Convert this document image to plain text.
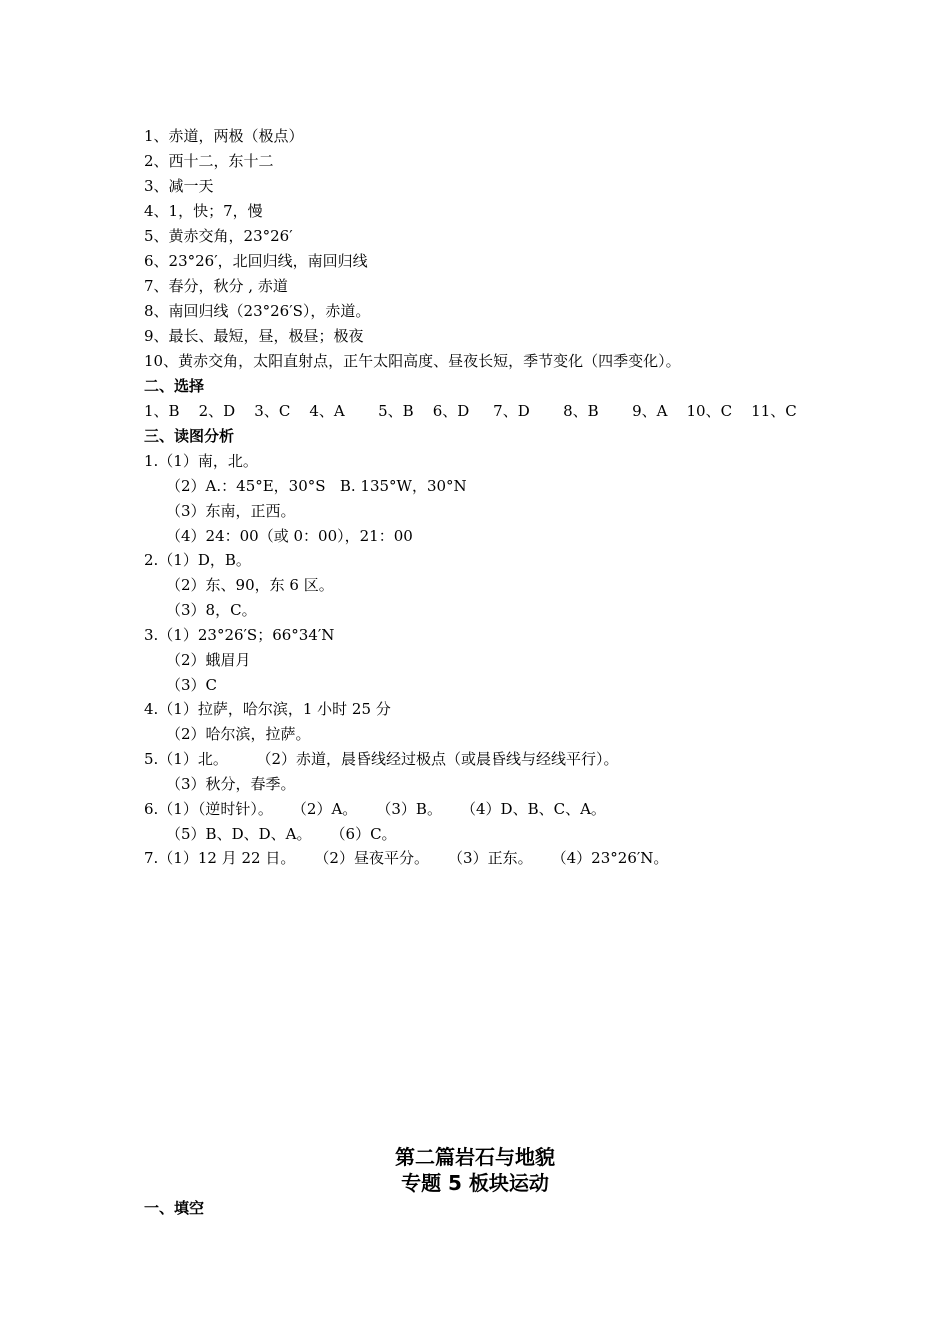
1、赤道，两极（极点）
2、西十二，东十二
3、减一天
4、1，快；7，慢
5、黄赤交角，23°26′
6、23°26′，北回归线，南回归线
7、春分，秋分 , 赤道
8、南回归线（23°26′S），赤道。
9、最长、最短，昼，极昼；极夜
10、黄赤交角，太阳直射点，正午太阳高度、昼夜长短，季节变化（四季变化）。
二、选择
1、B    2、D    3、C    4、A       5、B    6、D     7、D       8、B       9、A    10、C    11、C
三、读图分析
1.（1）南，北。
（2）A.：45°E，30°S   B. 135°W，30°N
（3）东南，正西。
（4）24：00（或 0：00），21：00
2.（1）D，B。
（2）东、90，东 6 区。
（3）8，C。
3.（1）23°26′S；66°34′N
（2）蛾眉月
（3）C
4.（1）拉萨，哈尔滨，1 小时 25 分
（2）哈尔滨，拉萨。
5.（1）北。      （2）赤道，晨昏线经过极点（或晨昏线与经线平行）。
（3）秋分，春季。
6.（1）（逆时针）。    （2）A。    （3）B。    （4）D、B、C、A。
（5）B、D、D、A。    （6）C。
7.（1）12 月 22 日。    （2）昼夜平分。    （3）正东。    （4）23°26′N。
第二篇岩石与地貌
专题 5 板块运动
一、填空
